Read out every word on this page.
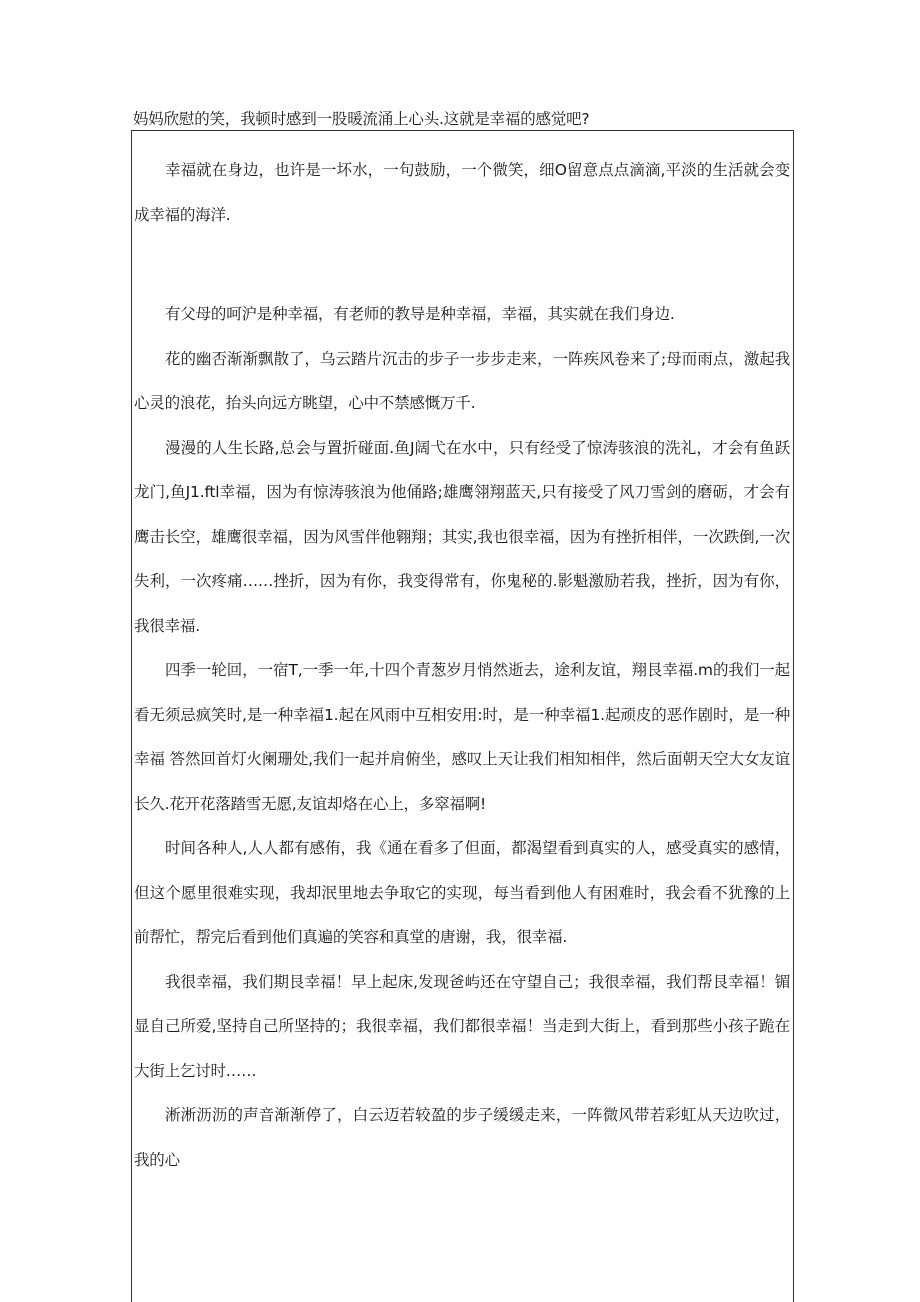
妈妈欣慰的笑，我顿时感到一股暖流涌上心头.这就是幸福的感觉吧?

幸福就在身边，也许是一坏水，一句鼓励，一个微笑，细O留意点点滴滴,平淡的生活就会变成幸福的海洋.

有父母的呵沪是种幸福，有老师的教导是种幸福，幸福，其实就在我们身边.

花的幽否渐渐飘散了，乌云踏片沉击的步子一步步走来，一阵疾风卷来了;母而雨点，激起我心灵的浪花，抬头向远方眺望，心中不禁感慨万千.

漫漫的人生长路,总会与置折碰面.鱼J阔弋在水中，只有经受了惊涛骇浪的洗礼，才会有鱼跃龙门,鱼J1.ftl幸福，因为有惊涛骇浪为他俑路;雄鹰翎翔蓝天,只有接受了风刀雪剑的磨砺，才会有鹰击长空，雄鹰很幸福，因为风雪伴他翱翔；其实,我也很幸福，因为有挫折相伴，一次跌倒,一次失利，一次疼痛……挫折，因为有你，我变得常有，你鬼秘的.影魁激励若我，挫折，因为有你，我很幸福.

四季一轮回，一宿T,一季一年,十四个青葱岁月悄然逝去，途利友谊，翔艮幸福.m的我们一起看无须忌疯笑时,是一种幸福1.起在风雨中互相安用:时，是一种幸福1.起顽皮的恶作剧时，是一种幸福 答然回首灯火阑珊处,我们一起并肩俯坐，感叹上天让我们相知相伴，然后面朝天空大女友谊长久.花开花落踏雪无愿,友谊却烙在心上，多窣福啊!

时间各种人,人人都有感侑，我《通在看多了但面，都渴望看到真实的人，感受真实的感情，但这个愿里很难实现，我却泯里地去争取它的实现，每当看到他人有困难时，我会看不犹豫的上前帮忙，帮完后看到他们真遍的笑容和真堂的唐谢，我，很幸福.

我很幸福，我们期艮幸福！早上起床,发现爸屿还在守望自己；我很幸福，我们帮艮幸福！镅显自己所爱,坚持自己所坚持的；我很幸福，我们都很幸福！当走到大街上，看到那些小孩子跪在大街上乞讨时……

淅淅沥沥的声音渐渐停了，白云迈若较盈的步子缓缓走来，一阵微风带若彩虹从天边吹过，我的心
